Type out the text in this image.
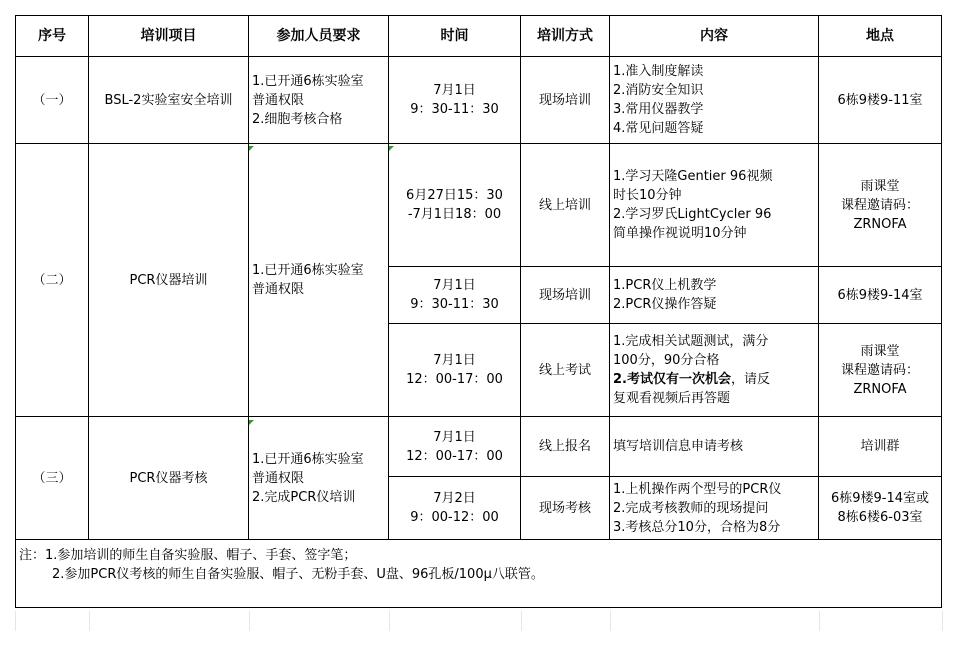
序号	培训项目	参加人员要求	时间	培训方式	内容	地点
（一）	BSL-2实验室安全培训	1.已开通6栋实验室
普通权限
2.细胞考核合格	7月1日
9：30-11：30	现场培训	1.准入制度解读
2.消防安全知识
3.常用仪器教学
4.常见问题答疑	6栋9楼9-11室

（二）	PCR仪器培训	1.已开通6栋实验室
普通权限	6月27日15：30
-7月1日18：00	线上培训	1.学习天隆Gentier 96视频
时长10分钟
2.学习罗氏LightCycler 96
简单操作视说明10分钟	雨课堂
课程邀请码：
ZRNOFA

			7月1日
9：30-11：30	现场培训	1.PCR仪上机教学
2.PCR仪操作答疑	6栋9楼9-14室

			7月1日
12：00-17：00	线上考试	1.完成相关试题测试，满分
100分，90分合格
2.考试仅有一次机会，请反
复观看视频后再答题	雨课堂
课程邀请码：
ZRNOFA

（三）	PCR仪器考核	1.已开通6栋实验室
普通权限
2.完成PCR仪培训	7月1日
12：00-17：00	线上报名	填写培训信息申请考核	培训群

			7月2日
9：00-12：00	现场考核	1.上机操作两个型号的PCR仪
2.完成考核教师的现场提问
3.考核总分10分，合格为8分	6栋9楼9-14室或
8栋6楼6-03室

注：1.参加培训的师生自备实验服、帽子、手套、签字笔；
2.参加PCR仪考核的师生自备实验服、帽子、无粉手套、U盘、96孔板/100μ八联管。						
